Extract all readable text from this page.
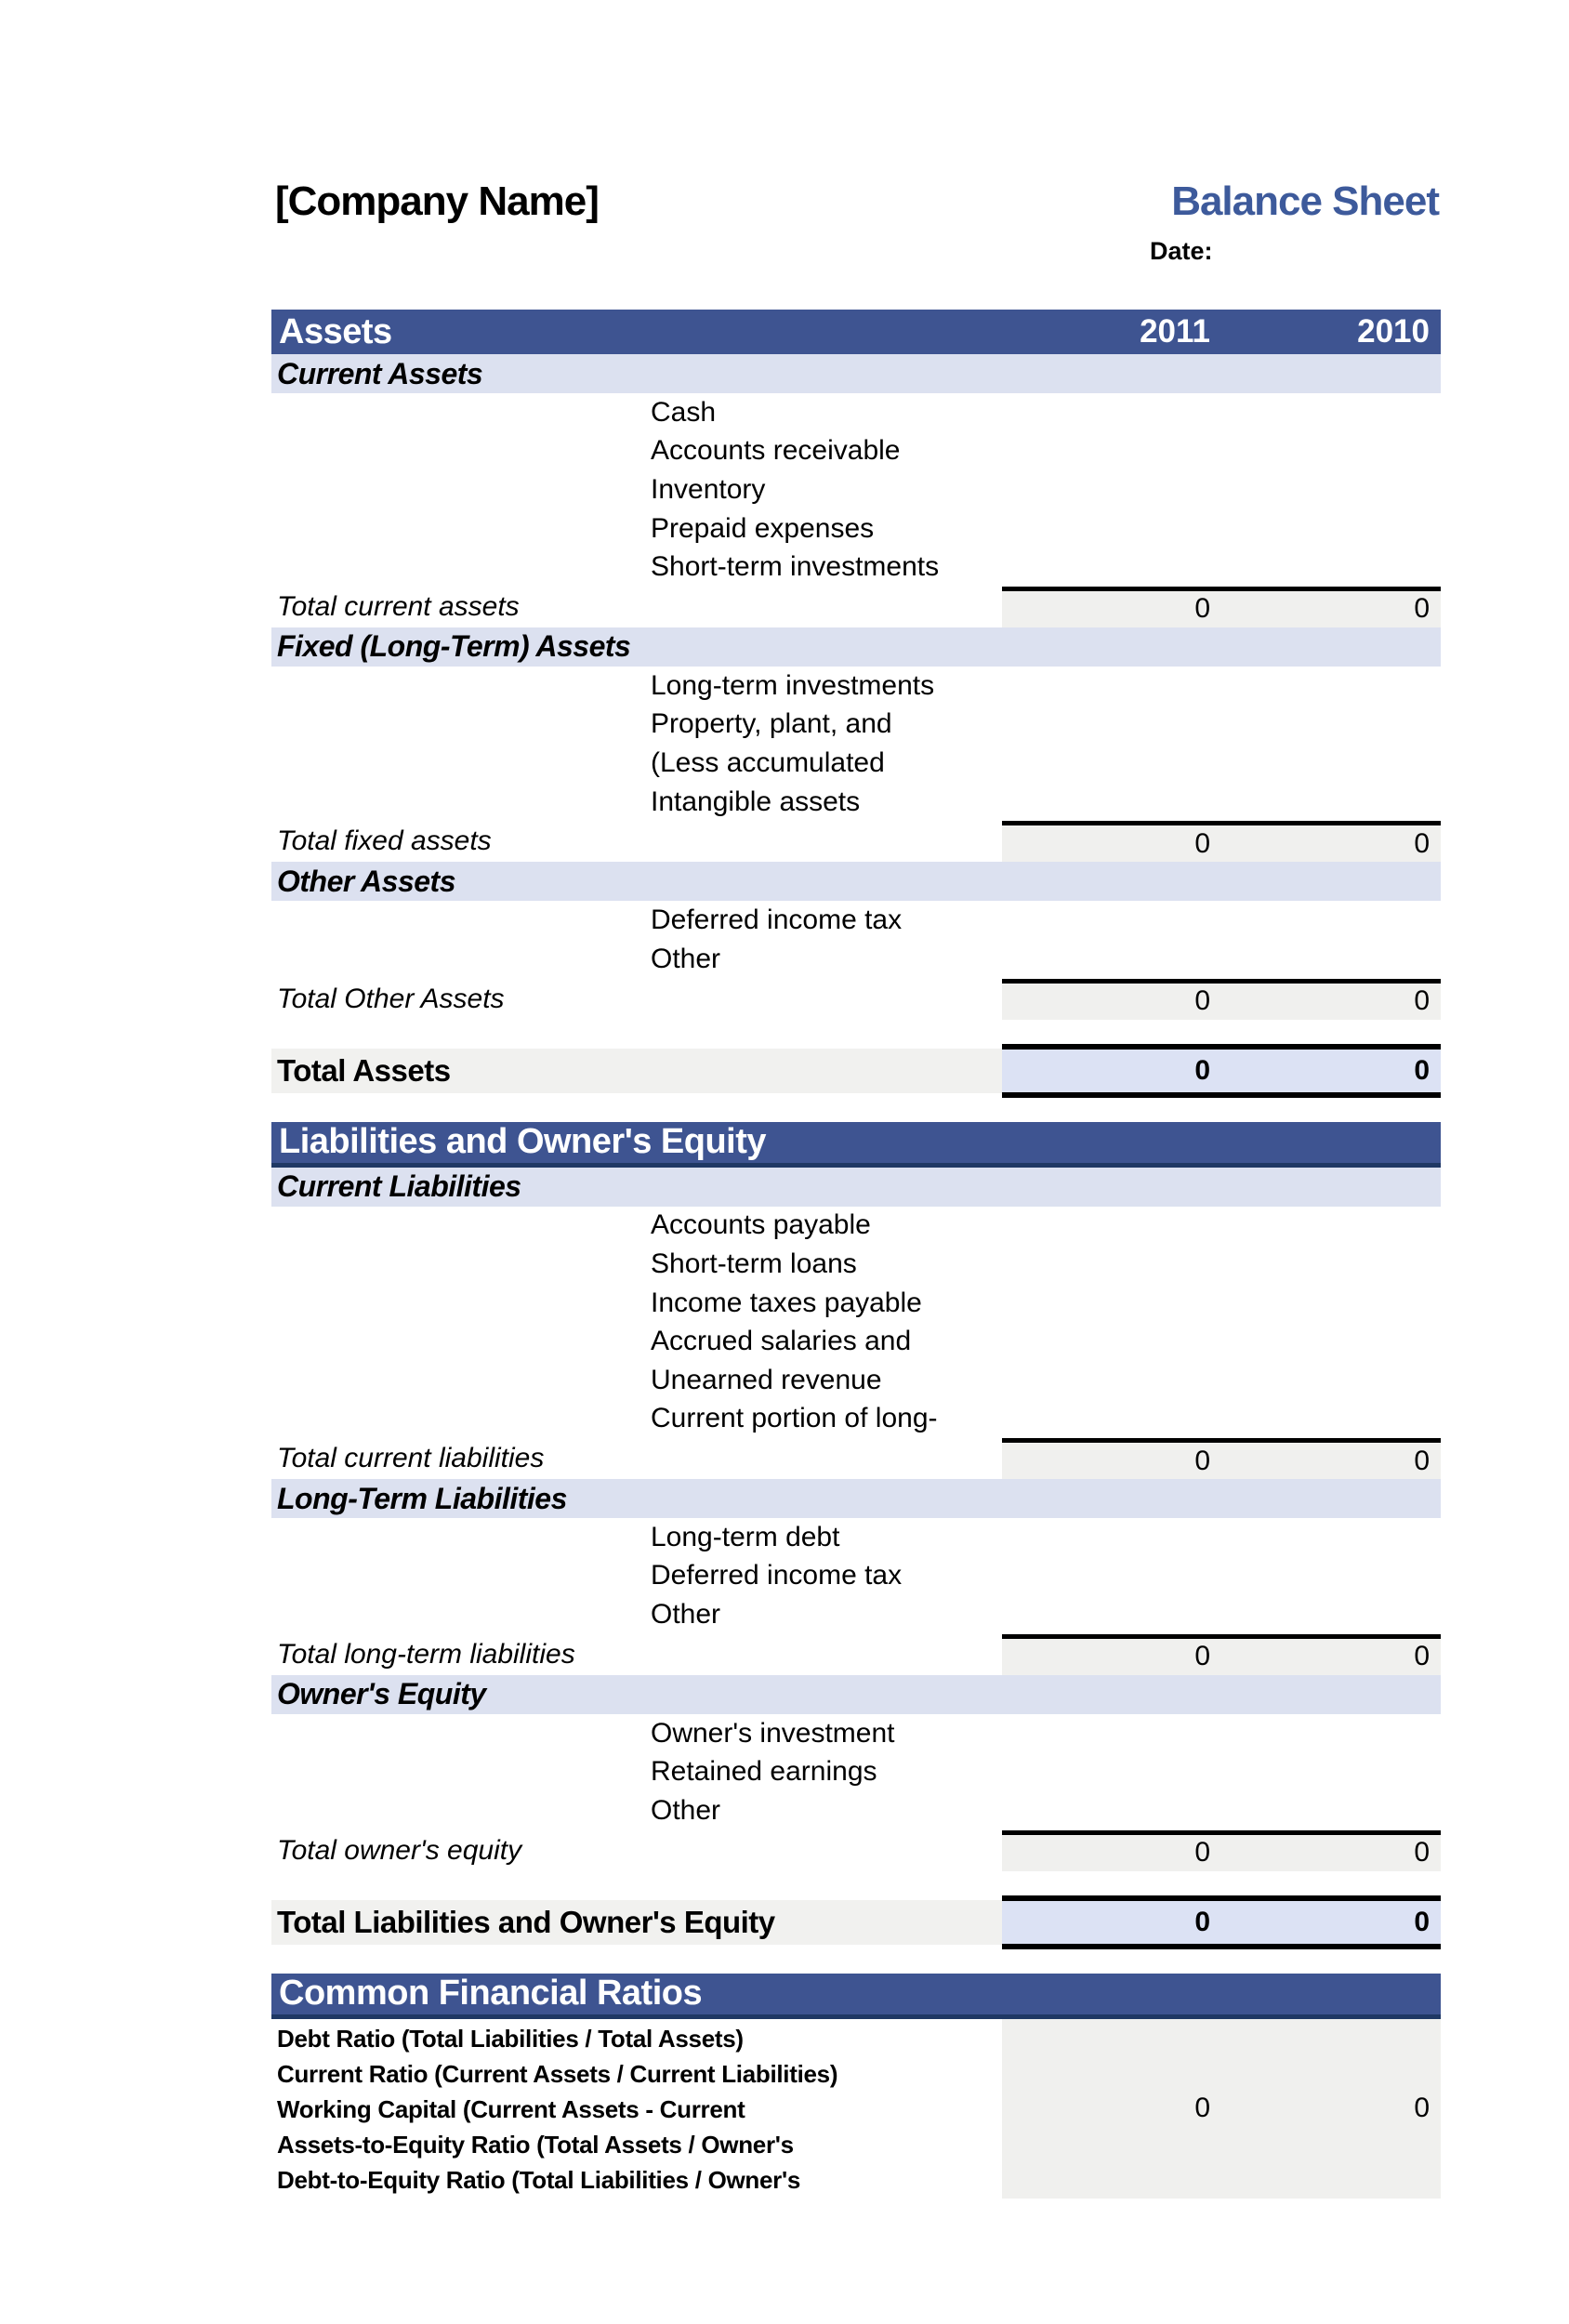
[Company Name]	Balance Sheet
Date:
Assets	2011	2010
Current Assets
Cash
Accounts receivable
Inventory
Prepaid expenses
Short-term investments
Total current assets	0	0
Fixed (Long-Term) Assets
Long-term investments
Property, plant, and
(Less accumulated
Intangible assets
Total fixed assets	0	0
Other Assets
Deferred income tax
Other
Total Other Assets	0	0
Total Assets	0	0
Liabilities and Owner's Equity
Current Liabilities
Accounts payable
Short-term loans
Income taxes payable
Accrued salaries and
Unearned revenue
Current portion of long-
Total current liabilities	0	0
Long-Term Liabilities
Long-term debt
Deferred income tax
Other
Total long-term liabilities	0	0
Owner's Equity
Owner's investment
Retained earnings
Other
Total owner's equity	0	0
Total Liabilities and Owner's Equity	0	0
Common Financial Ratios
Debt Ratio (Total Liabilities / Total Assets)
Current Ratio (Current Assets / Current Liabilities)
Working Capital (Current Assets - Current
Assets-to-Equity Ratio (Total Assets / Owner's
Debt-to-Equity Ratio (Total Liabilities / Owner's
0	0
